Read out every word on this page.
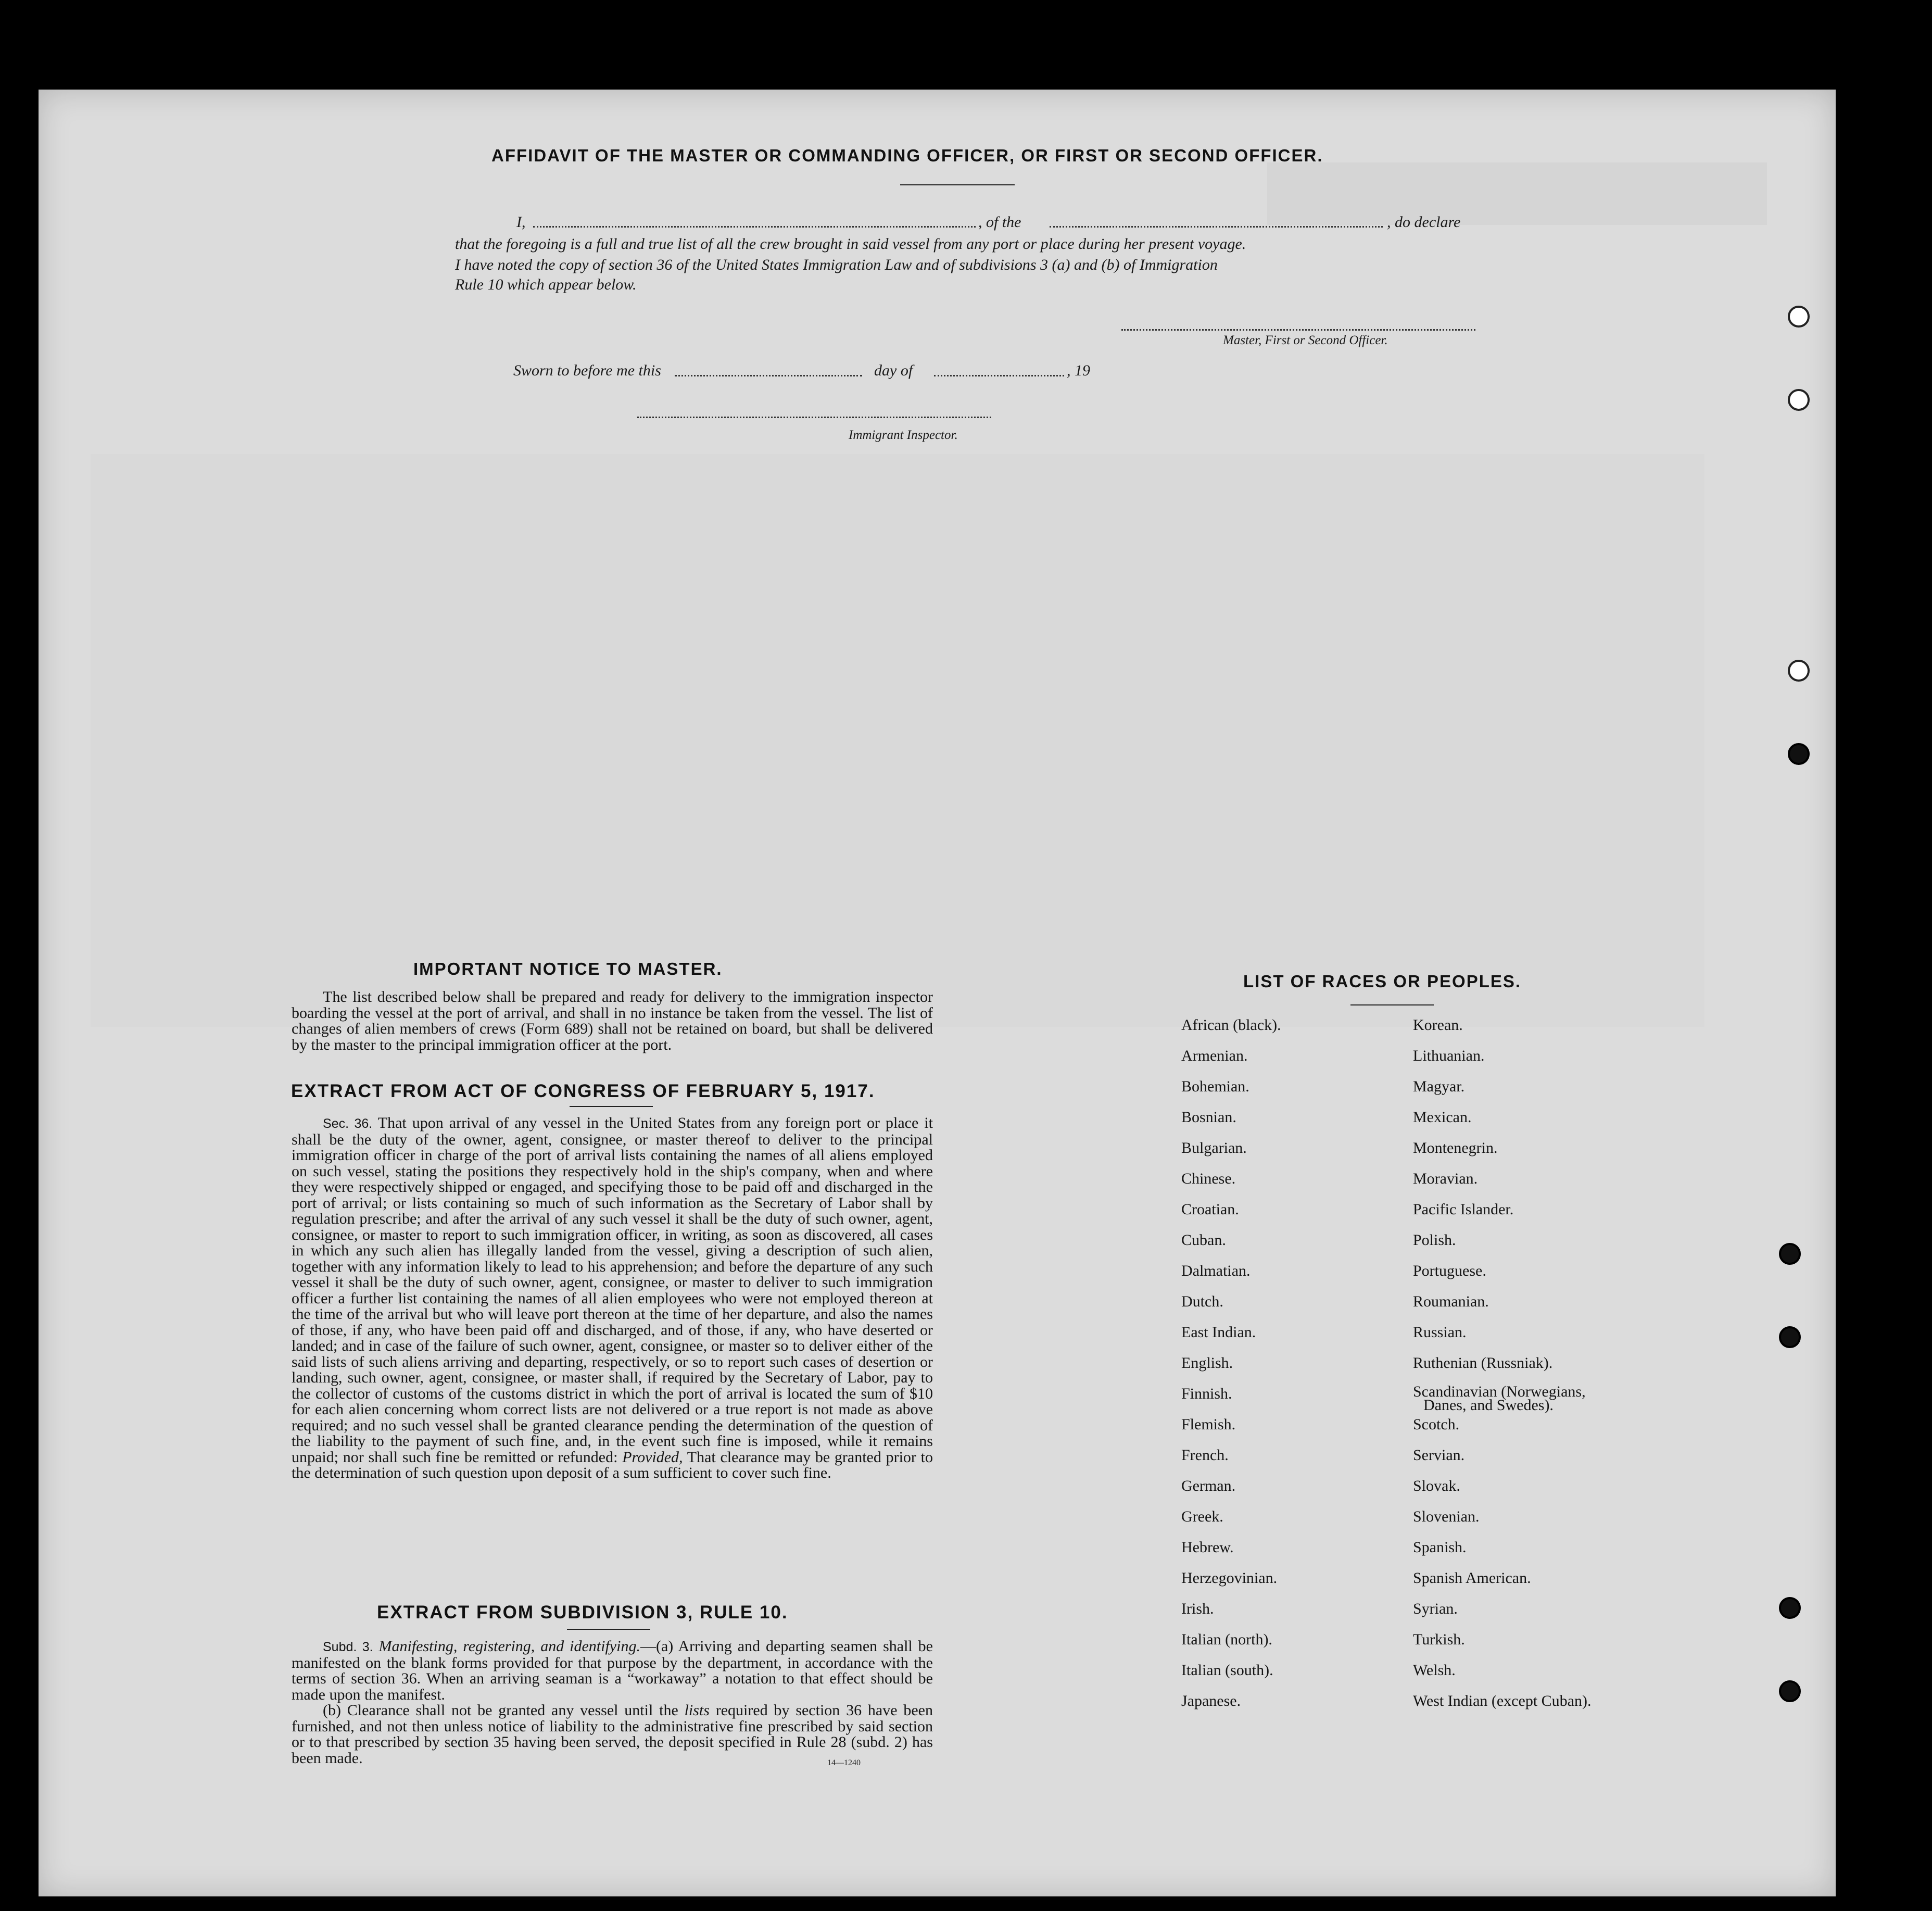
AFFIDAVIT OF THE MASTER OR COMMANDING OFFICER, OR FIRST OR SECOND OFFICER.
I,	, of the	, do declare
that the foregoing is a full and true list of all the crew brought in said vessel from any port or place during her present voyage.
I have noted the copy of section 36 of the United States Immigration Law and of subdivisions 3 (a) and (b) of Immigration
Rule 10 which appear below.
Master, First or Second Officer.
Sworn to before me this	day of	, 19
Immigrant Inspector.
IMPORTANT NOTICE TO MASTER.

The list described below shall be prepared and ready for delivery to the immigration inspector boarding the vessel at the port of arrival, and shall in no instance be taken from the vessel. The list of changes of alien members of crews (Form 689) shall not be retained on board, but shall be delivered by the master to the principal immigration officer at the port.

EXTRACT FROM ACT OF CONGRESS OF FEBRUARY 5, 1917.

Sec. 36. That upon arrival of any vessel in the United States from any foreign port or place it shall be the duty of the owner, agent, consignee, or master thereof to deliver to the principal immigration officer in charge of the port of arrival lists containing the names of all aliens employed on such vessel, stating the positions they respectively hold in the ship's company, when and where they were respectively shipped or engaged, and specifying those to be paid off and discharged in the port of arrival; or lists containing so much of such information as the Secretary of Labor shall by regulation prescribe; and after the arrival of any such vessel it shall be the duty of such owner, agent, consignee, or master to report to such immigration officer, in writing, as soon as discovered, all cases in which any such alien has illegally landed from the vessel, giving a description of such alien, together with any information likely to lead to his apprehension; and before the departure of any such vessel it shall be the duty of such owner, agent, consignee, or master to deliver to such immigration officer a further list containing the names of all alien employees who were not employed thereon at the time of the arrival but who will leave port thereon at the time of her departure, and also the names of those, if any, who have been paid off and discharged, and of those, if any, who have deserted or landed; and in case of the failure of such owner, agent, consignee, or master so to deliver either of the said lists of such aliens arriving and departing, respectively, or so to report such cases of desertion or landing, such owner, agent, consignee, or master shall, if required by the Secretary of Labor, pay to the collector of customs of the customs district in which the port of arrival is located the sum of $10 for each alien concerning whom correct lists are not delivered or a true report is not made as above required; and no such vessel shall be granted clearance pending the determination of the question of the liability to the payment of such fine, and, in the event such fine is imposed, while it remains unpaid; nor shall such fine be remitted or refunded: Provided, That clearance may be granted prior to the determination of such question upon deposit of a sum sufficient to cover such fine.

EXTRACT FROM SUBDIVISION 3, RULE 10.

Subd. 3. Manifesting, registering, and identifying.—(a) Arriving and departing seamen shall be manifested on the blank forms provided for that purpose by the department, in accordance with the terms of section 36. When an arriving seaman is a “workaway” a notation to that effect should be made upon the manifest.

(b) Clearance shall not be granted any vessel until the lists required by section 36 have been furnished, and not then unless notice of liability to the administrative fine prescribed by said section or to that prescribed by section 35 having been served, the deposit specified in Rule 28 (subd. 2) has been made.	14—1240
LIST OF RACES OR PEOPLES.
African (black).
Armenian.
Bohemian.
Bosnian.
Bulgarian.
Chinese.
Croatian.
Cuban.
Dalmatian.
Dutch.
East Indian.
English.
Finnish.
Flemish.
French.
German.
Greek.
Hebrew.
Herzegovinian.
Irish.
Italian (north).
Italian (south).
Japanese.
Korean.
Lithuanian.
Magyar.
Mexican.
Montenegrin.
Moravian.
Pacific Islander.
Polish.
Portuguese.
Roumanian.
Russian.
Ruthenian (Russniak).
Scandinavian (Norwegians,
Danes, and Swedes).
Scotch.
Servian.
Slovak.
Slovenian.
Spanish.
Spanish American.
Syrian.
Turkish.
Welsh.
West Indian (except Cuban).
